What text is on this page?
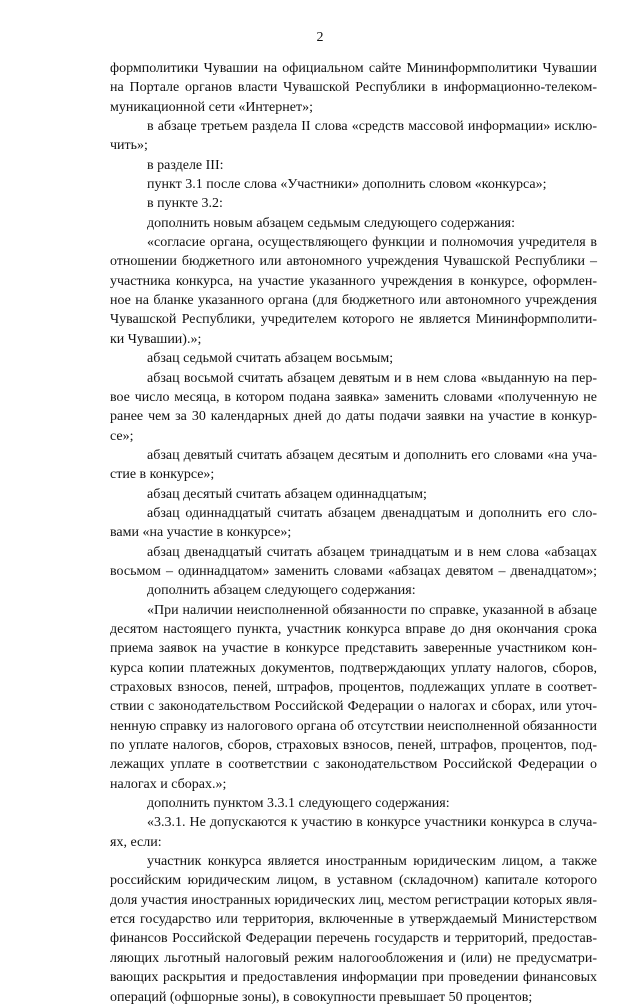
2
формполитики Чувашии на официальном сайте Мининформполитики Чувашии
на Портале органов власти Чувашской Республики в информационно-телеком-
муникационной сети «Интернет»;
в абзаце третьем раздела II слова «средств массовой информации» исклю-
чить»;
в разделе III:
пункт 3.1 после слова «Участники» дополнить словом «конкурса»;
в пункте 3.2:
дополнить новым абзацем седьмым следующего содержания:
«согласие органа, осуществляющего функции и полномочия учредителя в
отношении бюджетного или автономного учреждения Чувашской Республики –
участника конкурса, на участие указанного учреждения в конкурсе, оформлен-
ное на бланке указанного органа (для бюджетного или автономного учреждения
Чувашской Республики, учредителем которого не является Мининформполити-
ки Чувашии).»;
абзац седьмой считать абзацем восьмым;
абзац восьмой считать абзацем девятым и в нем слова «выданную на пер-
вое число месяца, в котором подана заявка» заменить словами «полученную не
ранее чем за 30 календарных дней до даты подачи заявки на участие в конкур-
се»;
абзац девятый считать абзацем десятым и дополнить его словами «на уча-
стие в конкурсе»;
абзац десятый считать абзацем одиннадцатым;
абзац одиннадцатый считать абзацем двенадцатым и дополнить его сло-
вами «на участие в конкурсе»;
абзац двенадцатый считать абзацем тринадцатым и в нем слова «абзацах
восьмом – одиннадцатом» заменить словами «абзацах девятом – двенадцатом»;
дополнить абзацем следующего содержания:
«При наличии неисполненной обязанности по справке, указанной в абзаце
десятом настоящего пункта, участник конкурса вправе до дня окончания срока
приема заявок на участие в конкурсе представить заверенные участником кон-
курса копии платежных документов, подтверждающих уплату налогов, сборов,
страховых взносов, пеней, штрафов, процентов, подлежащих уплате в соответ-
ствии с законодательством Российской Федерации о налогах и сборах, или уточ-
ненную справку из налогового органа об отсутствии неисполненной обязанности
по уплате налогов, сборов, страховых взносов, пеней, штрафов, процентов, под-
лежащих уплате в соответствии с законодательством Российской Федерации о
налогах и сборах.»;
дополнить пунктом 3.3.1 следующего содержания:
«3.3.1. Не допускаются к участию в конкурсе участники конкурса в случа-
ях, если:
участник конкурса является иностранным юридическим лицом, а также
российским юридическим лицом, в уставном (складочном) капитале которого
доля участия иностранных юридических лиц, местом регистрации которых явля-
ется государство или территория, включенные в утверждаемый Министерством
финансов Российской Федерации перечень государств и территорий, предостав-
ляющих льготный налоговый режим налогообложения и (или) не предусматри-
вающих раскрытия и предоставления информации при проведении финансовых
операций (офшорные зоны), в совокупности превышает 50 процентов;
